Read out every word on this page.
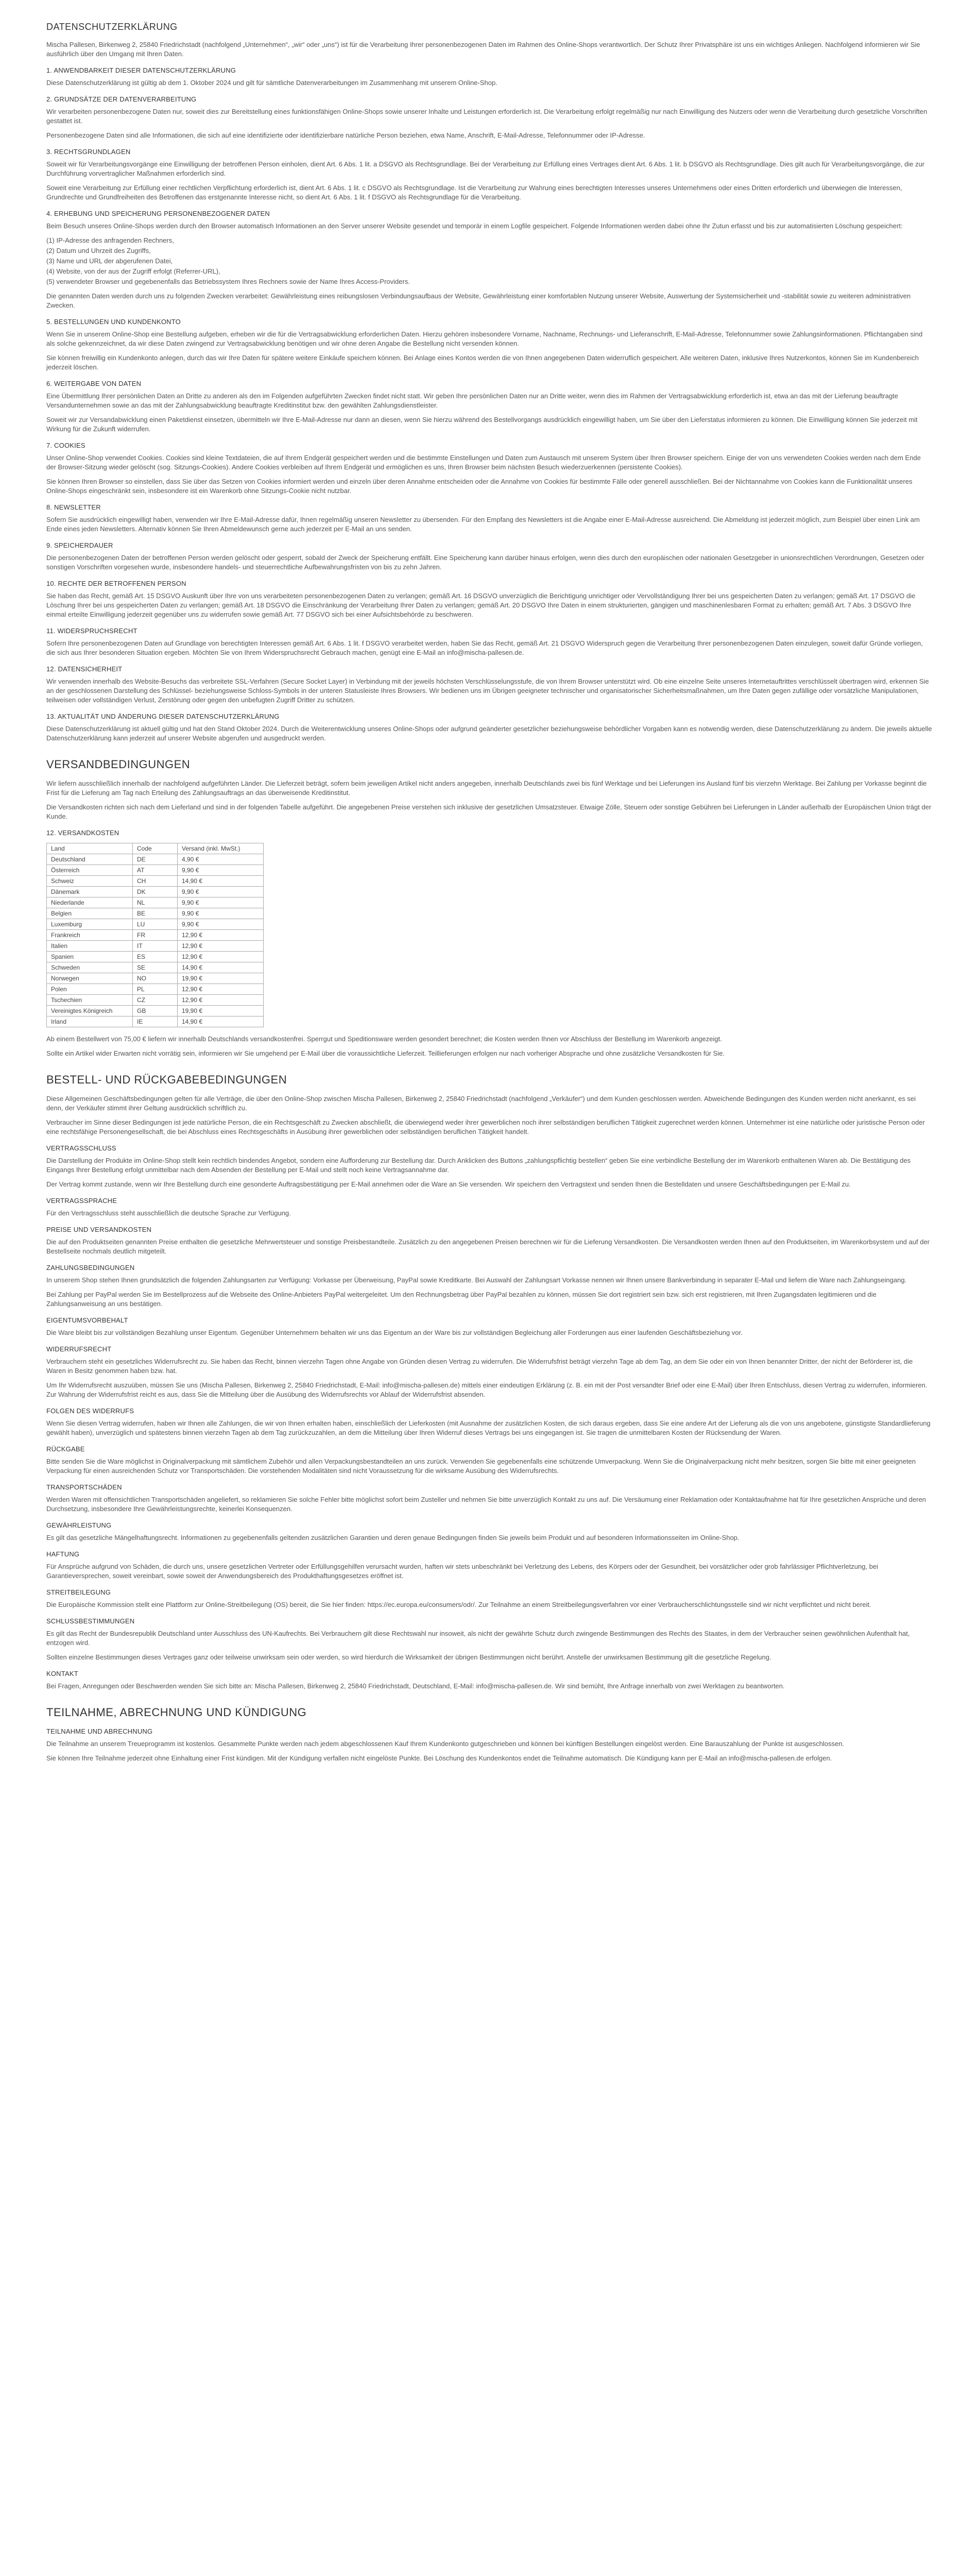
DATENSCHUTZERKLÄRUNG

Mischa Pallesen, Birkenweg 2, 25840 Friedrichstadt (nachfolgend „Unternehmen“, „wir“ oder „uns“) ist für die Verarbeitung Ihrer personenbezogenen Daten im Rahmen des Online-Shops verantwortlich. Der Schutz Ihrer Privatsphäre ist uns ein wichtiges Anliegen. Nachfolgend informieren wir Sie ausführlich über den Umgang mit Ihren Daten.

1. ANWENDBARKEIT DIESER DATENSCHUTZERKLÄRUNG

Diese Datenschutzerklärung ist gültig ab dem 1. Oktober 2024 und gilt für sämtliche Datenverarbeitungen im Zusammenhang mit unserem Online-Shop.

2. GRUNDSÄTZE DER DATENVERARBEITUNG

Wir verarbeiten personenbezogene Daten nur, soweit dies zur Bereitstellung eines funktionsfähigen Online-Shops sowie unserer Inhalte und Leistungen erforderlich ist. Die Verarbeitung erfolgt regelmäßig nur nach Einwilligung des Nutzers oder wenn die Verarbeitung durch gesetzliche Vorschriften gestattet ist.

Personenbezogene Daten sind alle Informationen, die sich auf eine identifizierte oder identifizierbare natürliche Person beziehen, etwa Name, Anschrift, E-Mail-Adresse, Telefonnummer oder IP-Adresse.

3. RECHTSGRUNDLAGEN

Soweit wir für Verarbeitungsvorgänge eine Einwilligung der betroffenen Person einholen, dient Art. 6 Abs. 1 lit. a DSGVO als Rechtsgrundlage. Bei der Verarbeitung zur Erfüllung eines Vertrages dient Art. 6 Abs. 1 lit. b DSGVO als Rechtsgrundlage. Dies gilt auch für Verarbeitungsvorgänge, die zur Durchführung vorvertraglicher Maßnahmen erforderlich sind.

Soweit eine Verarbeitung zur Erfüllung einer rechtlichen Verpflichtung erforderlich ist, dient Art. 6 Abs. 1 lit. c DSGVO als Rechtsgrundlage. Ist die Verarbeitung zur Wahrung eines berechtigten Interesses unseres Unternehmens oder eines Dritten erforderlich und überwiegen die Interessen, Grundrechte und Grundfreiheiten des Betroffenen das erstgenannte Interesse nicht, so dient Art. 6 Abs. 1 lit. f DSGVO als Rechtsgrundlage für die Verarbeitung.

4. ERHEBUNG UND SPEICHERUNG PERSONENBEZOGENER DATEN

Beim Besuch unseres Online-Shops werden durch den Browser automatisch Informationen an den Server unserer Website gesendet und temporär in einem Logfile gespeichert. Folgende Informationen werden dabei ohne Ihr Zutun erfasst und bis zur automatisierten Löschung gespeichert:

(1) IP-Adresse des anfragenden Rechners,
(2) Datum und Uhrzeit des Zugriffs,
(3) Name und URL der abgerufenen Datei,
(4) Website, von der aus der Zugriff erfolgt (Referrer-URL),
(5) verwendeter Browser und gegebenenfalls das Betriebssystem Ihres Rechners sowie der Name Ihres Access-Providers.

Die genannten Daten werden durch uns zu folgenden Zwecken verarbeitet: Gewährleistung eines reibungslosen Verbindungsaufbaus der Website, Gewährleistung einer komfortablen Nutzung unserer Website, Auswertung der Systemsicherheit und -stabilität sowie zu weiteren administrativen Zwecken.

5. BESTELLUNGEN UND KUNDENKONTO

Wenn Sie in unserem Online-Shop eine Bestellung aufgeben, erheben wir die für die Vertragsabwicklung erforderlichen Daten. Hierzu gehören insbesondere Vorname, Nachname, Rechnungs- und Lieferanschrift, E-Mail-Adresse, Telefonnummer sowie Zahlungsinformationen. Pflichtangaben sind als solche gekennzeichnet, da wir diese Daten zwingend zur Vertragsabwicklung benötigen und wir ohne deren Angabe die Bestellung nicht versenden können.

Sie können freiwillig ein Kundenkonto anlegen, durch das wir Ihre Daten für spätere weitere Einkäufe speichern können. Bei Anlage eines Kontos werden die von Ihnen angegebenen Daten widerruflich gespeichert. Alle weiteren Daten, inklusive Ihres Nutzerkontos, können Sie im Kundenbereich jederzeit löschen.

6. WEITERGABE VON DATEN

Eine Übermittlung Ihrer persönlichen Daten an Dritte zu anderen als den im Folgenden aufgeführten Zwecken findet nicht statt. Wir geben Ihre persönlichen Daten nur an Dritte weiter, wenn dies im Rahmen der Vertragsabwicklung erforderlich ist, etwa an das mit der Lieferung beauftragte Versandunternehmen sowie an das mit der Zahlungsabwicklung beauftragte Kreditinstitut bzw. den gewählten Zahlungsdienstleister.

Soweit wir zur Versandabwicklung einen Paketdienst einsetzen, übermitteln wir Ihre E-Mail-Adresse nur dann an diesen, wenn Sie hierzu während des Bestellvorgangs ausdrücklich eingewilligt haben, um Sie über den Lieferstatus informieren zu können. Die Einwilligung können Sie jederzeit mit Wirkung für die Zukunft widerrufen.

7. COOKIES

Unser Online-Shop verwendet Cookies. Cookies sind kleine Textdateien, die auf Ihrem Endgerät gespeichert werden und die bestimmte Einstellungen und Daten zum Austausch mit unserem System über Ihren Browser speichern. Einige der von uns verwendeten Cookies werden nach dem Ende der Browser-Sitzung wieder gelöscht (sog. Sitzungs-Cookies). Andere Cookies verbleiben auf Ihrem Endgerät und ermöglichen es uns, Ihren Browser beim nächsten Besuch wiederzuerkennen (persistente Cookies).

Sie können Ihren Browser so einstellen, dass Sie über das Setzen von Cookies informiert werden und einzeln über deren Annahme entscheiden oder die Annahme von Cookies für bestimmte Fälle oder generell ausschließen. Bei der Nichtannahme von Cookies kann die Funktionalität unseres Online-Shops eingeschränkt sein, insbesondere ist ein Warenkorb ohne Sitzungs-Cookie nicht nutzbar.

8. NEWSLETTER

Sofern Sie ausdrücklich eingewilligt haben, verwenden wir Ihre E-Mail-Adresse dafür, Ihnen regelmäßig unseren Newsletter zu übersenden. Für den Empfang des Newsletters ist die Angabe einer E-Mail-Adresse ausreichend. Die Abmeldung ist jederzeit möglich, zum Beispiel über einen Link am Ende eines jeden Newsletters. Alternativ können Sie Ihren Abmeldewunsch gerne auch jederzeit per E-Mail an uns senden.

9. SPEICHERDAUER

Die personenbezogenen Daten der betroffenen Person werden gelöscht oder gesperrt, sobald der Zweck der Speicherung entfällt. Eine Speicherung kann darüber hinaus erfolgen, wenn dies durch den europäischen oder nationalen Gesetzgeber in unionsrechtlichen Verordnungen, Gesetzen oder sonstigen Vorschriften vorgesehen wurde, insbesondere handels- und steuerrechtliche Aufbewahrungsfristen von bis zu zehn Jahren.

10. RECHTE DER BETROFFENEN PERSON

Sie haben das Recht, gemäß Art. 15 DSGVO Auskunft über Ihre von uns verarbeiteten personenbezogenen Daten zu verlangen; gemäß Art. 16 DSGVO unverzüglich die Berichtigung unrichtiger oder Vervollständigung Ihrer bei uns gespeicherten Daten zu verlangen; gemäß Art. 17 DSGVO die Löschung Ihrer bei uns gespeicherten Daten zu verlangen; gemäß Art. 18 DSGVO die Einschränkung der Verarbeitung Ihrer Daten zu verlangen; gemäß Art. 20 DSGVO Ihre Daten in einem strukturierten, gängigen und maschinenlesbaren Format zu erhalten; gemäß Art. 7 Abs. 3 DSGVO Ihre einmal erteilte Einwilligung jederzeit gegenüber uns zu widerrufen sowie gemäß Art. 77 DSGVO sich bei einer Aufsichtsbehörde zu beschweren.

11. WIDERSPRUCHSRECHT

Sofern Ihre personenbezogenen Daten auf Grundlage von berechtigten Interessen gemäß Art. 6 Abs. 1 lit. f DSGVO verarbeitet werden, haben Sie das Recht, gemäß Art. 21 DSGVO Widerspruch gegen die Verarbeitung Ihrer personenbezogenen Daten einzulegen, soweit dafür Gründe vorliegen, die sich aus Ihrer besonderen Situation ergeben. Möchten Sie von Ihrem Widerspruchsrecht Gebrauch machen, genügt eine E-Mail an info@mischa-pallesen.de.

12. DATENSICHERHEIT

Wir verwenden innerhalb des Website-Besuchs das verbreitete SSL-Verfahren (Secure Socket Layer) in Verbindung mit der jeweils höchsten Verschlüsselungsstufe, die von Ihrem Browser unterstützt wird. Ob eine einzelne Seite unseres Internetauftrittes verschlüsselt übertragen wird, erkennen Sie an der geschlossenen Darstellung des Schlüssel- beziehungsweise Schloss-Symbols in der unteren Statusleiste Ihres Browsers. Wir bedienen uns im Übrigen geeigneter technischer und organisatorischer Sicherheitsmaßnahmen, um Ihre Daten gegen zufällige oder vorsätzliche Manipulationen, teilweisen oder vollständigen Verlust, Zerstörung oder gegen den unbefugten Zugriff Dritter zu schützen.

13. AKTUALITÄT UND ÄNDERUNG DIESER DATENSCHUTZERKLÄRUNG

Diese Datenschutzerklärung ist aktuell gültig und hat den Stand Oktober 2024. Durch die Weiterentwicklung unseres Online-Shops oder aufgrund geänderter gesetzlicher beziehungsweise behördlicher Vorgaben kann es notwendig werden, diese Datenschutzerklärung zu ändern. Die jeweils aktuelle Datenschutzerklärung kann jederzeit auf unserer Website abgerufen und ausgedruckt werden.

VERSANDBEDINGUNGEN

Wir liefern ausschließlich innerhalb der nachfolgend aufgeführten Länder. Die Lieferzeit beträgt, sofern beim jeweiligen Artikel nicht anders angegeben, innerhalb Deutschlands zwei bis fünf Werktage und bei Lieferungen ins Ausland fünf bis vierzehn Werktage. Bei Zahlung per Vorkasse beginnt die Frist für die Lieferung am Tag nach Erteilung des Zahlungsauftrags an das überweisende Kreditinstitut.

Die Versandkosten richten sich nach dem Lieferland und sind in der folgenden Tabelle aufgeführt. Die angegebenen Preise verstehen sich inklusive der gesetzlichen Umsatzsteuer. Etwaige Zölle, Steuern oder sonstige Gebühren bei Lieferungen in Länder außerhalb der Europäischen Union trägt der Kunde.

12. VERSANDKOSTEN
Land	Code	Versand (inkl. MwSt.)
Deutschland	DE	4,90 €
Österreich	AT	9,90 €
Schweiz	CH	14,90 €
Dänemark	DK	9,90 €
Niederlande	NL	9,90 €
Belgien	BE	9,90 €
Luxemburg	LU	9,90 €
Frankreich	FR	12,90 €
Italien	IT	12,90 €
Spanien	ES	12,90 €
Schweden	SE	14,90 €
Norwegen	NO	19,90 €
Polen	PL	12,90 €
Tschechien	CZ	12,90 €
Vereinigtes Königreich	GB	19,90 €
Irland	IE	14,90 €

Ab einem Bestellwert von 75,00 € liefern wir innerhalb Deutschlands versandkostenfrei. Sperrgut und Speditionsware werden gesondert berechnet; die Kosten werden Ihnen vor Abschluss der Bestellung im Warenkorb angezeigt.

Sollte ein Artikel wider Erwarten nicht vorrätig sein, informieren wir Sie umgehend per E-Mail über die voraussichtliche Lieferzeit. Teillieferungen erfolgen nur nach vorheriger Absprache und ohne zusätzliche Versandkosten für Sie.

BESTELL- UND RÜCKGABEBEDINGUNGEN

Diese Allgemeinen Geschäftsbedingungen gelten für alle Verträge, die über den Online-Shop zwischen Mischa Pallesen, Birkenweg 2, 25840 Friedrichstadt (nachfolgend „Verkäufer“) und dem Kunden geschlossen werden. Abweichende Bedingungen des Kunden werden nicht anerkannt, es sei denn, der Verkäufer stimmt ihrer Geltung ausdrücklich schriftlich zu.

Verbraucher im Sinne dieser Bedingungen ist jede natürliche Person, die ein Rechtsgeschäft zu Zwecken abschließt, die überwiegend weder ihrer gewerblichen noch ihrer selbständigen beruflichen Tätigkeit zugerechnet werden können. Unternehmer ist eine natürliche oder juristische Person oder eine rechtsfähige Personengesellschaft, die bei Abschluss eines Rechtsgeschäfts in Ausübung ihrer gewerblichen oder selbständigen beruflichen Tätigkeit handelt.

VERTRAGSSCHLUSS

Die Darstellung der Produkte im Online-Shop stellt kein rechtlich bindendes Angebot, sondern eine Aufforderung zur Bestellung dar. Durch Anklicken des Buttons „zahlungspflichtig bestellen“ geben Sie eine verbindliche Bestellung der im Warenkorb enthaltenen Waren ab. Die Bestätigung des Eingangs Ihrer Bestellung erfolgt unmittelbar nach dem Absenden der Bestellung per E-Mail und stellt noch keine Vertragsannahme dar.

Der Vertrag kommt zustande, wenn wir Ihre Bestellung durch eine gesonderte Auftragsbestätigung per E-Mail annehmen oder die Ware an Sie versenden. Wir speichern den Vertragstext und senden Ihnen die Bestelldaten und unsere Geschäftsbedingungen per E-Mail zu.

VERTRAGSSPRACHE

Für den Vertragsschluss steht ausschließlich die deutsche Sprache zur Verfügung.

PREISE UND VERSANDKOSTEN

Die auf den Produktseiten genannten Preise enthalten die gesetzliche Mehrwertsteuer und sonstige Preisbestandteile. Zusätzlich zu den angegebenen Preisen berechnen wir für die Lieferung Versandkosten. Die Versandkosten werden Ihnen auf den Produktseiten, im Warenkorbsystem und auf der Bestellseite nochmals deutlich mitgeteilt.

ZAHLUNGSBEDINGUNGEN

In unserem Shop stehen Ihnen grundsätzlich die folgenden Zahlungsarten zur Verfügung: Vorkasse per Überweisung, PayPal sowie Kreditkarte. Bei Auswahl der Zahlungsart Vorkasse nennen wir Ihnen unsere Bankverbindung in separater E-Mail und liefern die Ware nach Zahlungseingang.

Bei Zahlung per PayPal werden Sie im Bestellprozess auf die Webseite des Online-Anbieters PayPal weitergeleitet. Um den Rechnungsbetrag über PayPal bezahlen zu können, müssen Sie dort registriert sein bzw. sich erst registrieren, mit Ihren Zugangsdaten legitimieren und die Zahlungsanweisung an uns bestätigen.

EIGENTUMSVORBEHALT

Die Ware bleibt bis zur vollständigen Bezahlung unser Eigentum. Gegenüber Unternehmern behalten wir uns das Eigentum an der Ware bis zur vollständigen Begleichung aller Forderungen aus einer laufenden Geschäftsbeziehung vor.

WIDERRUFSRECHT

Verbrauchern steht ein gesetzliches Widerrufsrecht zu. Sie haben das Recht, binnen vierzehn Tagen ohne Angabe von Gründen diesen Vertrag zu widerrufen. Die Widerrufsfrist beträgt vierzehn Tage ab dem Tag, an dem Sie oder ein von Ihnen benannter Dritter, der nicht der Beförderer ist, die Waren in Besitz genommen haben bzw. hat.

Um Ihr Widerrufsrecht auszuüben, müssen Sie uns (Mischa Pallesen, Birkenweg 2, 25840 Friedrichstadt, E-Mail: info@mischa-pallesen.de) mittels einer eindeutigen Erklärung (z. B. ein mit der Post versandter Brief oder eine E-Mail) über Ihren Entschluss, diesen Vertrag zu widerrufen, informieren. Zur Wahrung der Widerrufsfrist reicht es aus, dass Sie die Mitteilung über die Ausübung des Widerrufsrechts vor Ablauf der Widerrufsfrist absenden.

FOLGEN DES WIDERRUFS

Wenn Sie diesen Vertrag widerrufen, haben wir Ihnen alle Zahlungen, die wir von Ihnen erhalten haben, einschließlich der Lieferkosten (mit Ausnahme der zusätzlichen Kosten, die sich daraus ergeben, dass Sie eine andere Art der Lieferung als die von uns angebotene, günstigste Standardlieferung gewählt haben), unverzüglich und spätestens binnen vierzehn Tagen ab dem Tag zurückzuzahlen, an dem die Mitteilung über Ihren Widerruf dieses Vertrags bei uns eingegangen ist. Sie tragen die unmittelbaren Kosten der Rücksendung der Waren.

RÜCKGABE

Bitte senden Sie die Ware möglichst in Originalverpackung mit sämtlichem Zubehör und allen Verpackungsbestandteilen an uns zurück. Verwenden Sie gegebenenfalls eine schützende Umverpackung. Wenn Sie die Originalverpackung nicht mehr besitzen, sorgen Sie bitte mit einer geeigneten Verpackung für einen ausreichenden Schutz vor Transportschäden. Die vorstehenden Modalitäten sind nicht Voraussetzung für die wirksame Ausübung des Widerrufsrechts.

TRANSPORTSCHÄDEN

Werden Waren mit offensichtlichen Transportschäden angeliefert, so reklamieren Sie solche Fehler bitte möglichst sofort beim Zusteller und nehmen Sie bitte unverzüglich Kontakt zu uns auf. Die Versäumung einer Reklamation oder Kontaktaufnahme hat für Ihre gesetzlichen Ansprüche und deren Durchsetzung, insbesondere Ihre Gewährleistungsrechte, keinerlei Konsequenzen.

GEWÄHRLEISTUNG

Es gilt das gesetzliche Mängelhaftungsrecht. Informationen zu gegebenenfalls geltenden zusätzlichen Garantien und deren genaue Bedingungen finden Sie jeweils beim Produkt und auf besonderen Informationsseiten im Online-Shop.

HAFTUNG

Für Ansprüche aufgrund von Schäden, die durch uns, unsere gesetzlichen Vertreter oder Erfüllungsgehilfen verursacht wurden, haften wir stets unbeschränkt bei Verletzung des Lebens, des Körpers oder der Gesundheit, bei vorsätzlicher oder grob fahrlässiger Pflichtverletzung, bei Garantieversprechen, soweit vereinbart, sowie soweit der Anwendungsbereich des Produkthaftungsgesetzes eröffnet ist.

STREITBEILEGUNG

Die Europäische Kommission stellt eine Plattform zur Online-Streitbeilegung (OS) bereit, die Sie hier finden: https://ec.europa.eu/consumers/odr/. Zur Teilnahme an einem Streitbeilegungsverfahren vor einer Verbraucherschlichtungsstelle sind wir nicht verpflichtet und nicht bereit.

SCHLUSSBESTIMMUNGEN

Es gilt das Recht der Bundesrepublik Deutschland unter Ausschluss des UN-Kaufrechts. Bei Verbrauchern gilt diese Rechtswahl nur insoweit, als nicht der gewährte Schutz durch zwingende Bestimmungen des Rechts des Staates, in dem der Verbraucher seinen gewöhnlichen Aufenthalt hat, entzogen wird.

Sollten einzelne Bestimmungen dieses Vertrages ganz oder teilweise unwirksam sein oder werden, so wird hierdurch die Wirksamkeit der übrigen Bestimmungen nicht berührt. Anstelle der unwirksamen Bestimmung gilt die gesetzliche Regelung.

KONTAKT

Bei Fragen, Anregungen oder Beschwerden wenden Sie sich bitte an: Mischa Pallesen, Birkenweg 2, 25840 Friedrichstadt, Deutschland, E-Mail: info@mischa-pallesen.de. Wir sind bemüht, Ihre Anfrage innerhalb von zwei Werktagen zu beantworten.

TEILNAHME, ABRECHNUNG UND KÜNDIGUNG
TEILNAHME UND ABRECHNUNG

Die Teilnahme an unserem Treueprogramm ist kostenlos. Gesammelte Punkte werden nach jedem abgeschlossenen Kauf Ihrem Kundenkonto gutgeschrieben und können bei künftigen Bestellungen eingelöst werden. Eine Barauszahlung der Punkte ist ausgeschlossen.

Sie können Ihre Teilnahme jederzeit ohne Einhaltung einer Frist kündigen. Mit der Kündigung verfallen nicht eingelöste Punkte. Bei Löschung des Kundenkontos endet die Teilnahme automatisch. Die Kündigung kann per E-Mail an info@mischa-pallesen.de erfolgen.
